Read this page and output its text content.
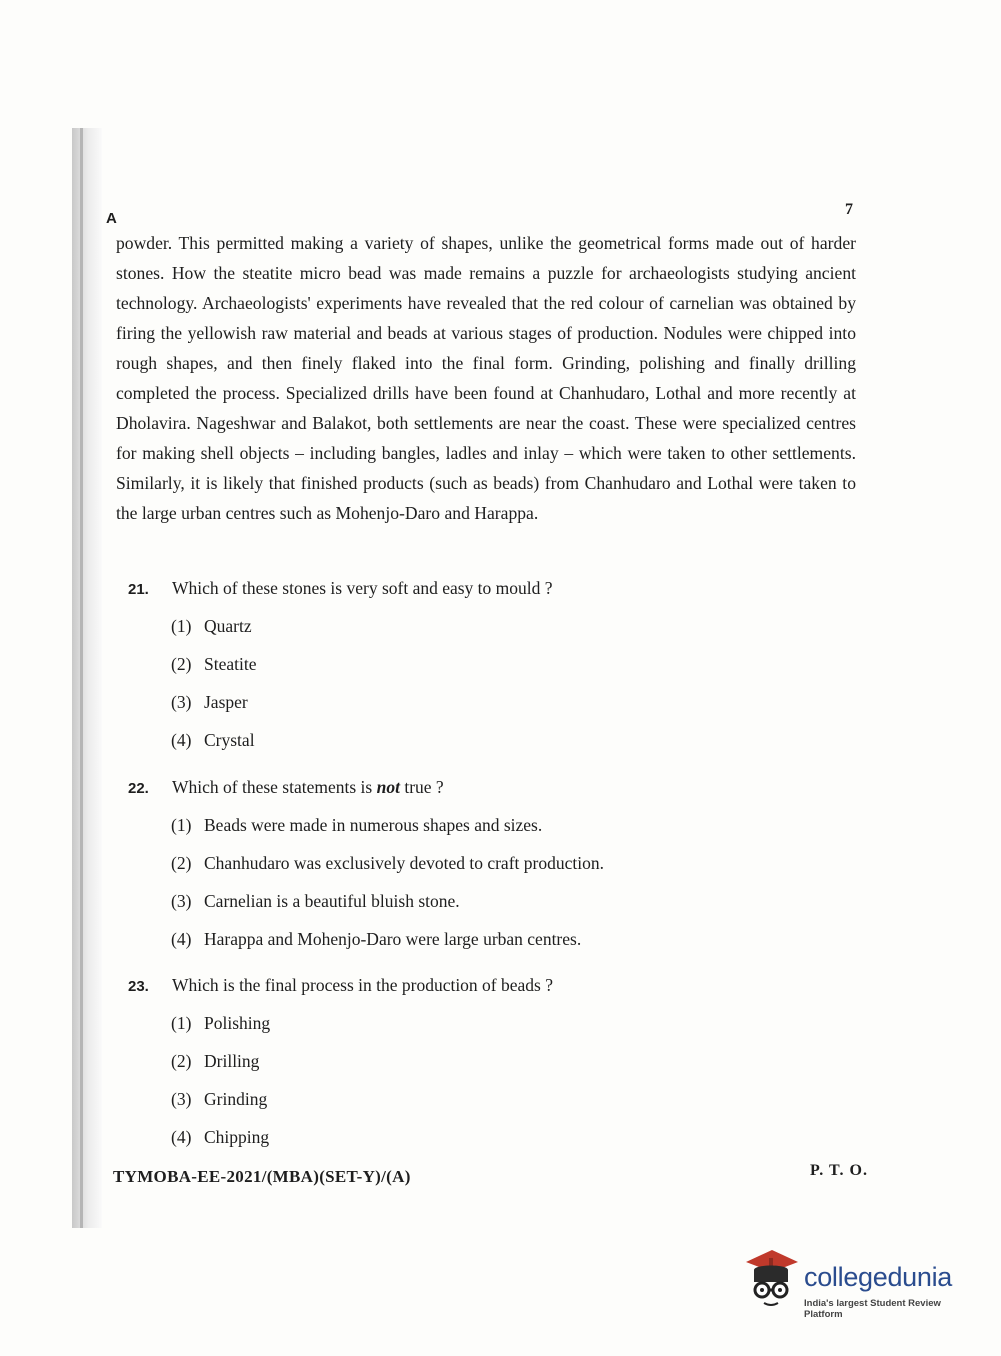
A
7

powder. This permitted making a variety of shapes, unlike the geometrical forms made out of harder stones. How the steatite micro bead was made remains a puzzle for archaeologists studying ancient technology. Archaeologists' experiments have revealed that the red colour of carnelian was obtained by firing the yellowish raw material and beads at various stages of production. Nodules were chipped into rough shapes, and then finely flaked into the final form. Grinding, polishing and finally drilling completed the process. Specialized drills have been found at Chanhudaro, Lothal and more recently at Dholavira. Nageshwar and Balakot, both settlements are near the coast. These were specialized centres for making shell objects – including bangles, ladles and inlay – which were taken to other settlements. Similarly, it is likely that finished products (such as beads) from Chanhudaro and Lothal were taken to the large urban centres such as Mohenjo-Daro and Harappa.

21.	Which of these stones is very soft and easy to mould ?
(1) Quartz
(2) Steatite
(3) Jasper
(4) Crystal
22.	Which of these statements is not true ?
(1) Beads were made in numerous shapes and sizes.
(2) Chanhudaro was exclusively devoted to craft production.
(3) Carnelian is a beautiful bluish stone.
(4) Harappa and Mohenjo-Daro were large urban centres.
23.	Which is the final process in the production of beads ?
(1) Polishing
(2) Drilling
(3) Grinding
(4) Chipping
TYMOBA-EE-2021/(MBA)(SET-Y)/(A)	P. T. O.
collegedunia
India's largest Student Review Platform
